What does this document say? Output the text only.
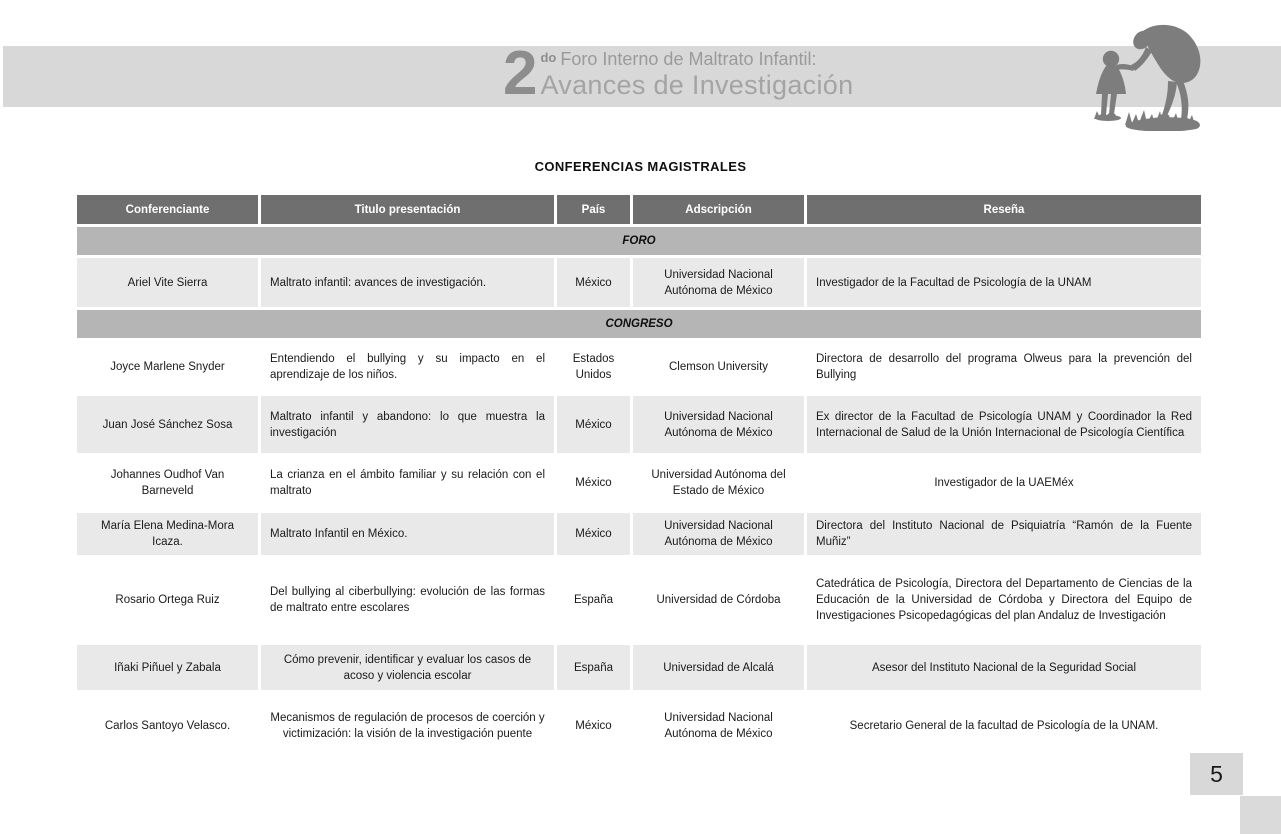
2 do Foro Interno de Maltrato Infantil:
Avances de Investigación
CONFERENCIAS MAGISTRALES
Conferenciante	Titulo presentación	País	Adscripción	Reseña
FORO				
Ariel Vite Sierra	Maltrato infantil: avances de investigación.	México	Universidad Nacional Autónoma de México	Investigador de la Facultad de Psicología de la UNAM
CONGRESO				
Joyce Marlene Snyder	Entendiendo el bullying y su impacto en el aprendizaje de los niños.	Estados Unidos	Clemson University	Directora de desarrollo del programa Olweus para la prevención del Bullying
Juan José Sánchez Sosa	Maltrato infantil y abandono: lo que muestra la investigación	México	Universidad Nacional Autónoma de México	Ex director de la Facultad de Psicología UNAM y Coordinador la Red Internacional de Salud de la Unión Internacional de Psicología Científica
Johannes Oudhof Van Barneveld	La crianza en el ámbito familiar y su relación con el maltrato	México	Universidad Autónoma del Estado de México	Investigador de la UAEMéx
María Elena Medina-Mora Icaza.	Maltrato Infantil en México.	México	Universidad Nacional Autónoma de México	Directora del Instituto Nacional de Psiquiatría “Ramón de la Fuente Muñiz”
Rosario Ortega Ruiz	Del bullying al ciberbullying: evolución de las formas de maltrato entre escolares	España	Universidad de Córdoba	Catedrática de Psicología, Directora del Departamento de Ciencias de la Educación de la Universidad de Córdoba y Directora del Equipo de Investigaciones Psicopedagógicas del plan Andaluz de Investigación
Iñaki Piñuel y Zabala	Cómo prevenir, identificar y evaluar los casos de acoso y violencia escolar	España	Universidad de Alcalá	Asesor del Instituto Nacional de la Seguridad Social
Carlos Santoyo Velasco.	Mecanismos de regulación de procesos de coerción y victimización: la visión de la investigación puente	México	Universidad Nacional Autónoma de México	Secretario General de la facultad de Psicología de la UNAM.
5
